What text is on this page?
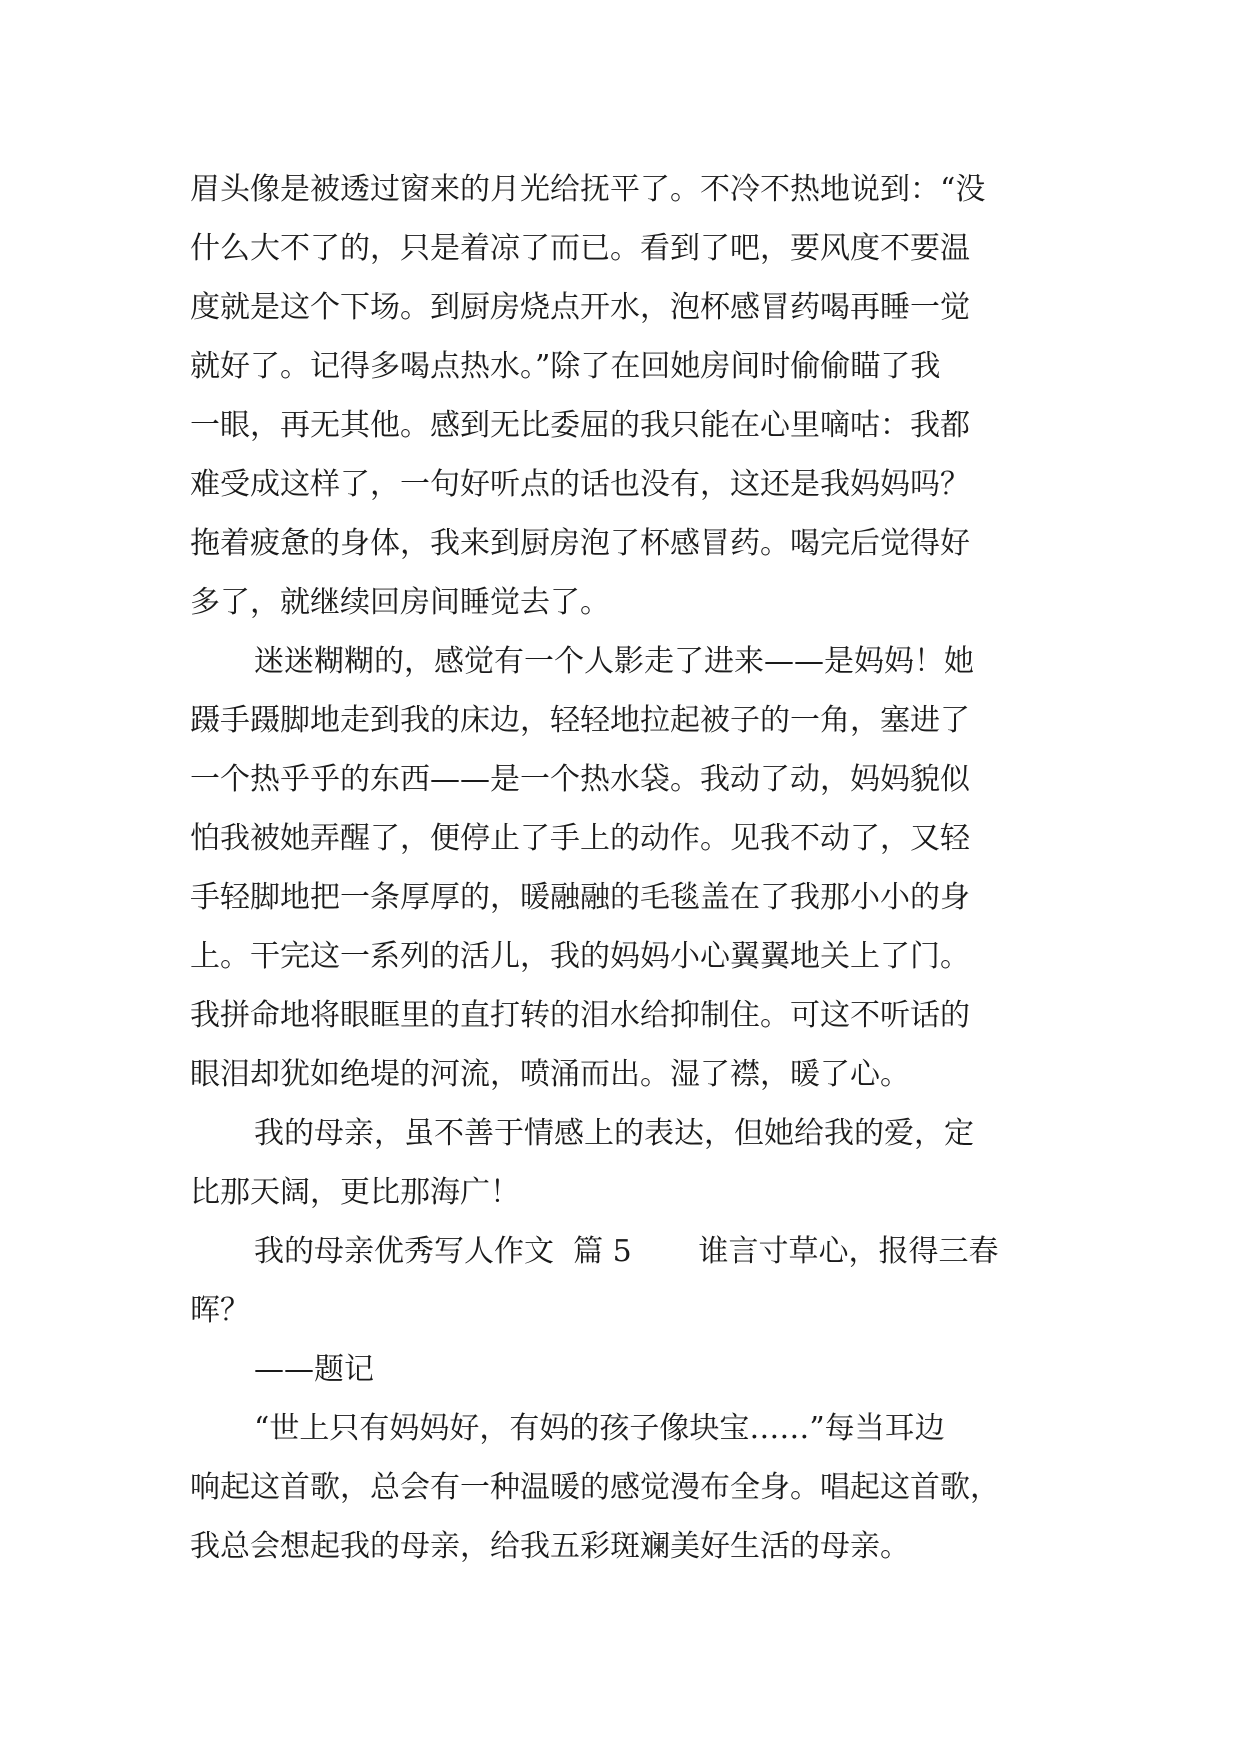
眉头像是被透过窗来的月光给抚平了。不冷不热地说到：“没
什么大不了的，只是着凉了而已。看到了吧，要风度不要温
度就是这个下场。到厨房烧点开水，泡杯感冒药喝再睡一觉
就好了。记得多喝点热水。”除了在回她房间时偷偷瞄了我
一眼，再无其他。感到无比委屈的我只能在心里嘀咕：我都
难受成这样了，一句好听点的话也没有，这还是我妈妈吗？
拖着疲惫的身体，我来到厨房泡了杯感冒药。喝完后觉得好
多了，就继续回房间睡觉去了。
迷迷糊糊的，感觉有一个人影走了进来——是妈妈！她
蹑手蹑脚地走到我的床边，轻轻地拉起被子的一角，塞进了
一个热乎乎的东西——是一个热水袋。我动了动，妈妈貌似
怕我被她弄醒了，便停止了手上的动作。见我不动了，又轻
手轻脚地把一条厚厚的，暖融融的毛毯盖在了我那小小的身
上。干完这一系列的活儿，我的妈妈小心翼翼地关上了门。
我拼命地将眼眶里的直打转的泪水给抑制住。可这不听话的
眼泪却犹如绝堤的河流，喷涌而出。湿了襟，暖了心。
我的母亲，虽不善于情感上的表达，但她给我的爱，定
比那天阔，更比那海广！
我的母亲优秀写人作文  篇 5       谁言寸草心，报得三春
晖？
——题记
“世上只有妈妈好，有妈的孩子像块宝……”每当耳边
响起这首歌，总会有一种温暖的感觉漫布全身。唱起这首歌，
我总会想起我的母亲，给我五彩斑斓美好生活的母亲。
